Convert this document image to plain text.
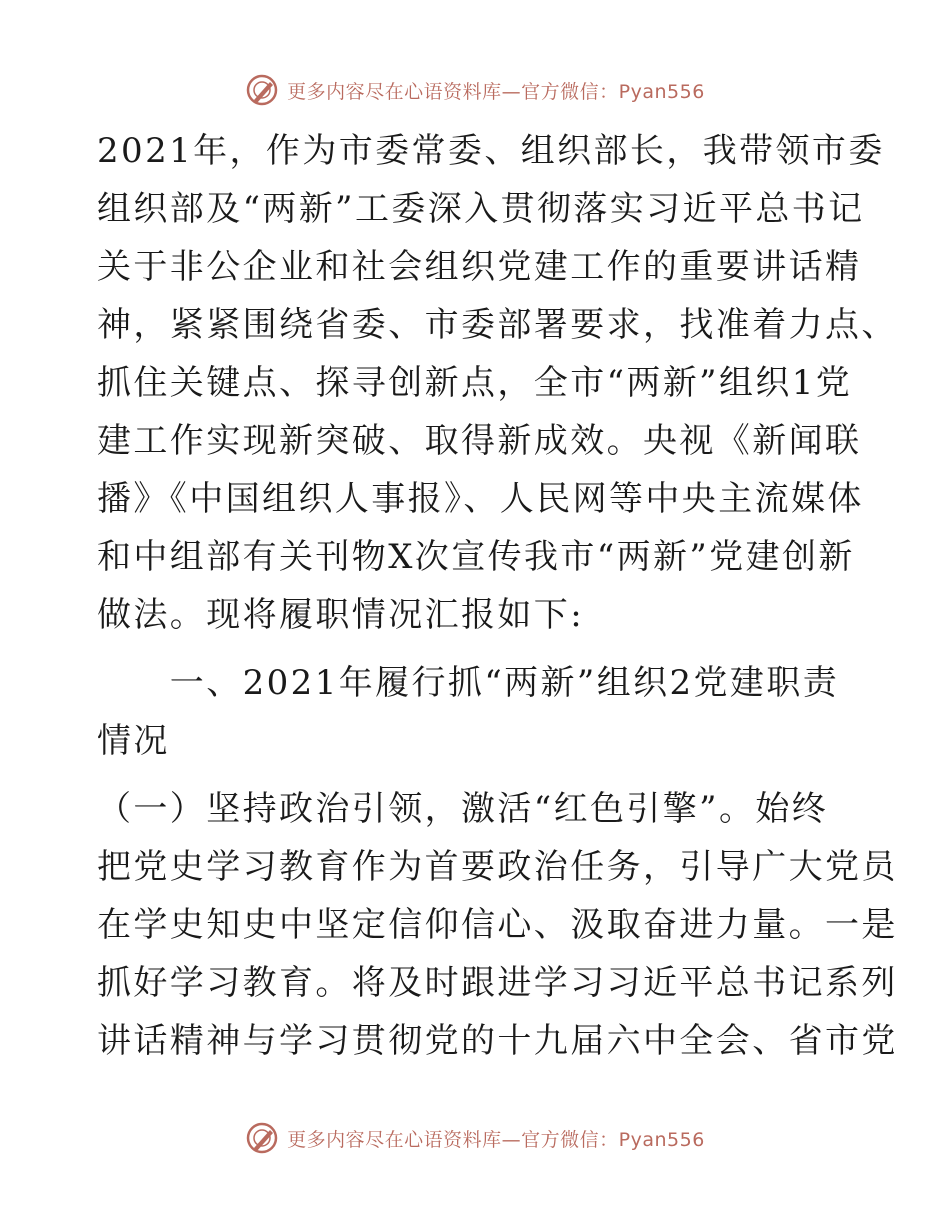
更多内容尽在心语资料库—官方微信：Pyan556
2021年，作为市委常委、组织部长，我带领市委
组织部及“两新”工委深入贯彻落实习近平总书记
关于非公企业和社会组织党建工作的重要讲话精
神，紧紧围绕省委、市委部署要求，找准着力点、
抓住关键点、探寻创新点，全市“两新”组织1党
建工作实现新突破、取得新成效。央视《新闻联
播》《中国组织人事报》、人民网等中央主流媒体
和中组部有关刊物X次宣传我市“两新”党建创新
做法。现将履职情况汇报如下:
　　一、2021年履行抓“两新”组织2党建职责
情况
（一）坚持政治引领，激活“红色引擎”。始终
把党史学习教育作为首要政治任务，引导广大党员
在学史知史中坚定信仰信心、汲取奋进力量。一是
抓好学习教育。将及时跟进学习习近平总书记系列
讲话精神与学习贯彻党的十九届六中全会、省市党
更多内容尽在心语资料库—官方微信：Pyan556
